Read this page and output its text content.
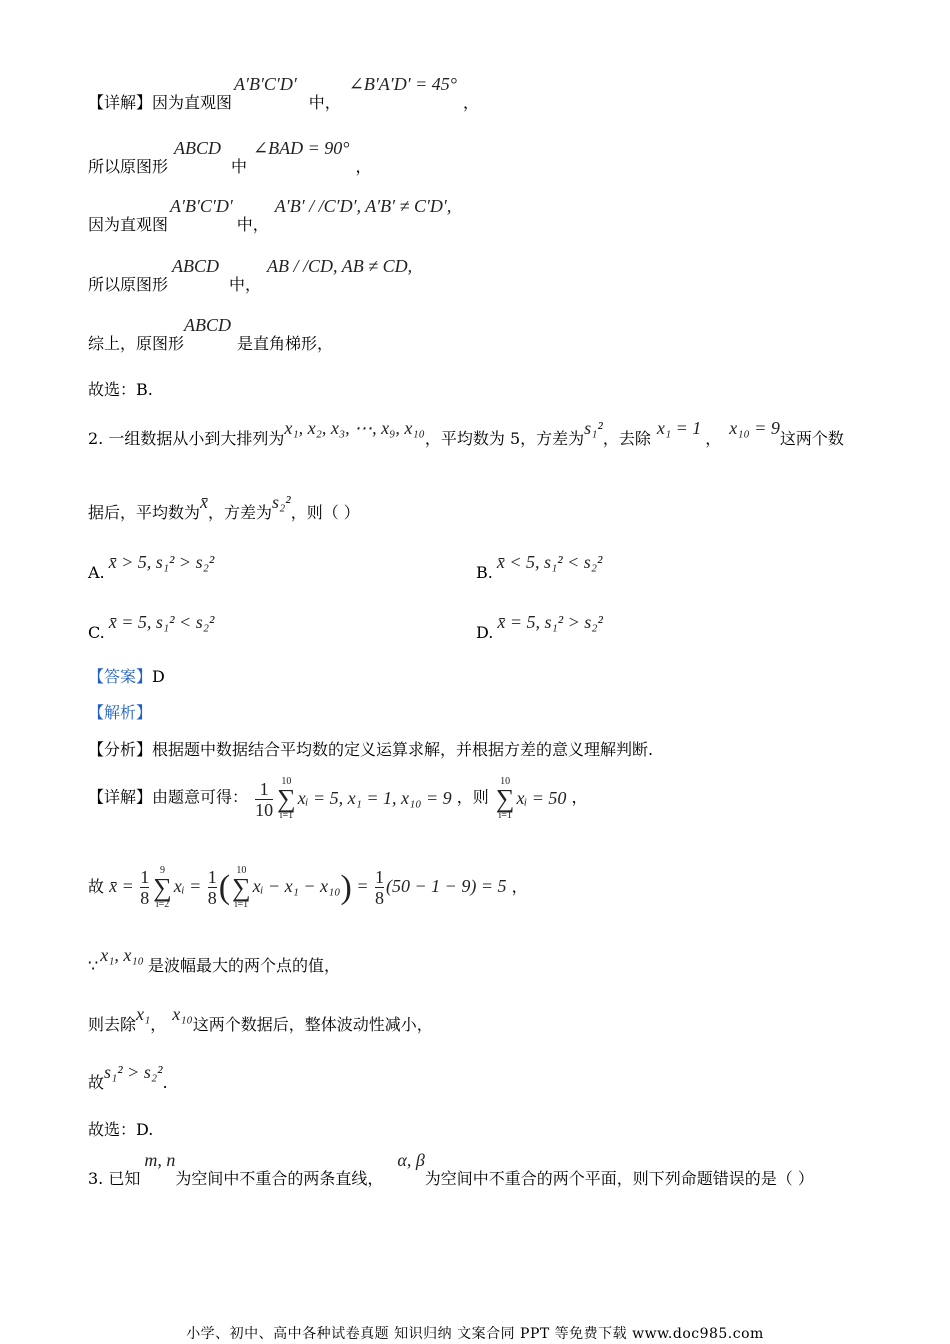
【详解】因为直观图A′B′C′D′中，∠B′A′D′ = 45°，
所以原图形ABCD中∠BAD = 90°，
因为直观图A′B′C′D′中，A′B′ / /C′D′, A′B′ ≠ C′D′,
所以原图形ABCD中，AB / /CD, AB ≠ CD,
综上，原图形ABCD是直角梯形，
故选：B.
2. 一组数据从小到大排列为x₁, x₂, x₃, ⋯, x₉, x₁₀，平均数为 5，方差为s₁²，去除x₁ = 1，x₁₀ = 9这两个数
据后，平均数为x̄，方差为s₂²，则（ ）
A.x̄ > 5, s₁² > s₂²
B.x̄ < 5, s₁² < s₂²
C.x̄ = 5, s₁² < s₂²
D.x̄ = 5, s₁² > s₂²
【答案】D
【解析】
【分析】根据题中数据结合平均数的定义运算求解，并根据方差的意义理解判断.
【详解】由题意可得： $\frac{1}{10} 10$
∑
i=1xᵢ = 5, x₁ = 1, x₁₀ = 9 ，则 10
∑
i=1xᵢ = 50 ，
故 x̄ = $\frac{1}{8} 9$
∑
i=2xᵢ = $\frac{1}{8}$ ( 10
∑
i=1xᵢ − $x_1 - x_{10}) = \frac{1}{8} (50 - 1 - 9) = 5$ ，
∵x₁, x₁₀是波幅最大的两个点的值，
则去除x₁，x₁₀这两个数据后，整体波动性减小，
故s₁² > s₂².
故选：D.
3. 已知m, n为空间中不重合的两条直线，α, β为空间中不重合的两个平面，则下列命题错误的是（ ）
小学、初中、高中各种试卷真题 知识归纳 文案合同 PPT 等免费下载 www.doc985.com
